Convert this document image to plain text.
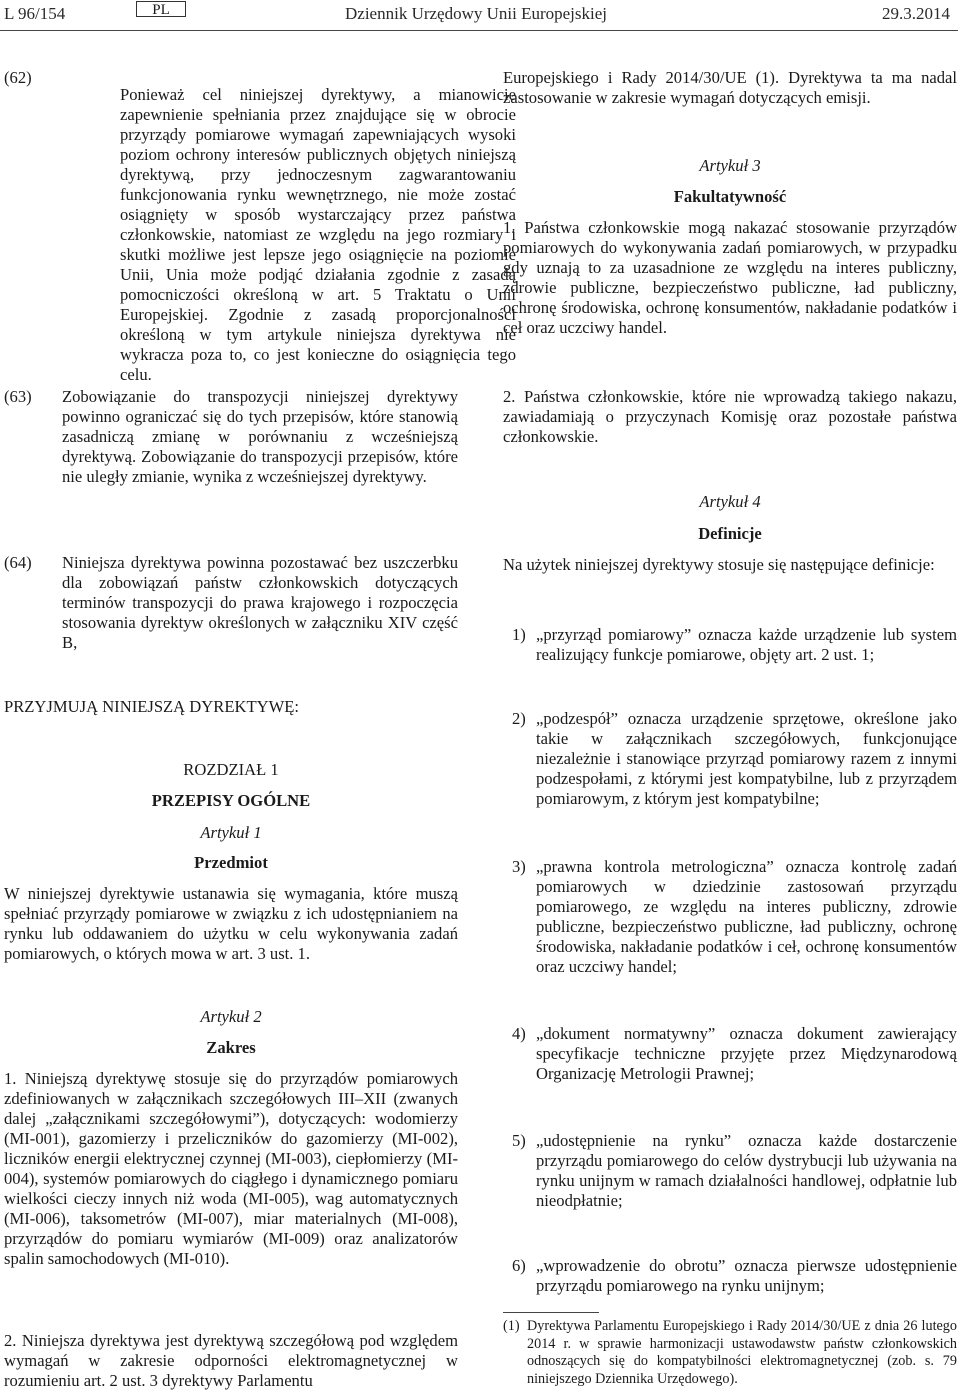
L 96/154	PL	Dziennik Urzędowy Unii Europejskiej	29.3.2014
(62)

Ponieważ cel niniejszej dyrektywy, a mianowicie zapewnienie spełniania przez znajdujące się w obrocie przyrządy pomiarowe wymagań zapewniających wysoki poziom ochrony interesów publicznych objętych niniejszą dyrektywą, przy jednoczesnym zagwarantowaniu funkcjonowania rynku wewnętrznego, nie może zostać osiągnięty w sposób wystarczający przez państwa członkowskie, natomiast ze względu na jego rozmiary i skutki możliwe jest lepsze jego osiągnięcie na poziomie Unii, Unia może podjąć działania zgodnie z zasadą pomocniczości określoną w art. 5 Traktatu o Unii Europejskiej. Zgodnie z zasadą proporcjonalności określoną w tym artykule niniejsza dyrektywa nie wykracza poza to, co jest konieczne do osiągnięcia tego celu.

(63) Zobowiązanie do transpozycji niniejszej dyrektywy powinno ograniczać się do tych przepisów, które stanowią zasadniczą zmianę w porównaniu z wcześniejszą dyrektywą. Zobowiązanie do transpozycji przepisów, które nie uległy zmianie, wynika z wcześniejszej dyrektywy.

(64) Niniejsza dyrektywa powinna pozostawać bez uszczerbku dla zobowiązań państw członkowskich dotyczących terminów transpozycji do prawa krajowego i rozpoczęcia stosowania dyrektyw określonych w załączniku XIV część B,

PRZYJMUJĄ NINIEJSZĄ DYREKTYWĘ:
ROZDZIAŁ 1
PRZEPISY OGÓLNE
Artykuł 1
Przedmiot

W niniejszej dyrektywie ustanawia się wymagania, które muszą spełniać przyrządy pomiarowe w związku z ich udostępnianiem na rynku lub oddawaniem do użytku w celu wykonywania zadań pomiarowych, o których mowa w art. 3 ust. 1.

Artykuł 2
Zakres

1. Niniejszą dyrektywę stosuje się do przyrządów pomiarowych zdefiniowanych w załącznikach szczegółowych III–XII (zwanych dalej „załącznikami szczegółowymi”), dotyczących: wodomierzy (MI-001), gazomierzy i przeliczników do gazomierzy (MI-002), liczników energii elektrycznej czynnej (MI-003), ciepłomierzy (MI-004), systemów pomiarowych do ciągłego i dynamicznego pomiaru wielkości cieczy innych niż woda (MI-005), wag automatycznych (MI-006), taksometrów (MI-007), miar materialnych (MI-008), przyrządów do pomiaru wymiarów (MI-009) oraz analizatorów spalin samochodowych (MI-010).

2. Niniejsza dyrektywa jest dyrektywą szczegółową pod względem wymagań w zakresie odporności elektromagnetycznej w rozumieniu art. 2 ust. 3 dyrektywy Parlamentu

Europejskiego i Rady 2014/30/UE (1). Dyrektywa ta ma nadal zastosowanie w zakresie wymagań dotyczących emisji.

Artykuł 3
Fakultatywność

1. Państwa członkowskie mogą nakazać stosowanie przyrządów pomiarowych do wykonywania zadań pomiarowych, w przypadku gdy uznają to za uzasadnione ze względu na interes publiczny, zdrowie publiczne, bezpieczeństwo publiczne, ład publiczny, ochronę środowiska, ochronę konsumentów, nakładanie podatków i ceł oraz uczciwy handel.

2. Państwa członkowskie, które nie wprowadzą takiego nakazu, zawiadamiają o przyczynach Komisję oraz pozostałe państwa członkowskie.

Artykuł 4
Definicje

Na użytek niniejszej dyrektywy stosuje się następujące definicje:

1) „przyrząd pomiarowy” oznacza każde urządzenie lub system realizujący funkcje pomiarowe, objęty art. 2 ust. 1;

2) „podzespół” oznacza urządzenie sprzętowe, określone jako takie w załącznikach szczegółowych, funkcjonujące niezależnie i stanowiące przyrząd pomiarowy razem z innymi podzespołami, z którymi jest kompatybilne, lub z przyrządem pomiarowym, z którym jest kompatybilne;

3) „prawna kontrola metrologiczna” oznacza kontrolę zadań pomiarowych w dziedzinie zastosowań przyrządu pomiarowego, ze względu na interes publiczny, zdrowie publiczne, bezpieczeństwo publiczne, ład publiczny, ochronę środowiska, nakładanie podatków i ceł, ochronę konsumentów oraz uczciwy handel;

4) „dokument normatywny” oznacza dokument zawierający specyfikacje techniczne przyjęte przez Międzynarodową Organizację Metrologii Prawnej;

5) „udostępnienie na rynku” oznacza każde dostarczenie przyrządu pomiarowego do celów dystrybucji lub używania na rynku unijnym w ramach działalności handlowej, odpłatnie lub nieodpłatnie;

6) „wprowadzenie do obrotu” oznacza pierwsze udostępnienie przyrządu pomiarowego na rynku unijnym;

(1) Dyrektywa Parlamentu Europejskiego i Rady 2014/30/UE z dnia 26 lutego 2014 r. w sprawie harmonizacji ustawodawstw państw członkowskich odnoszących się do kompatybilności elektromagnetycznej (zob. s. 79 niniejszego Dziennika Urzędowego).
